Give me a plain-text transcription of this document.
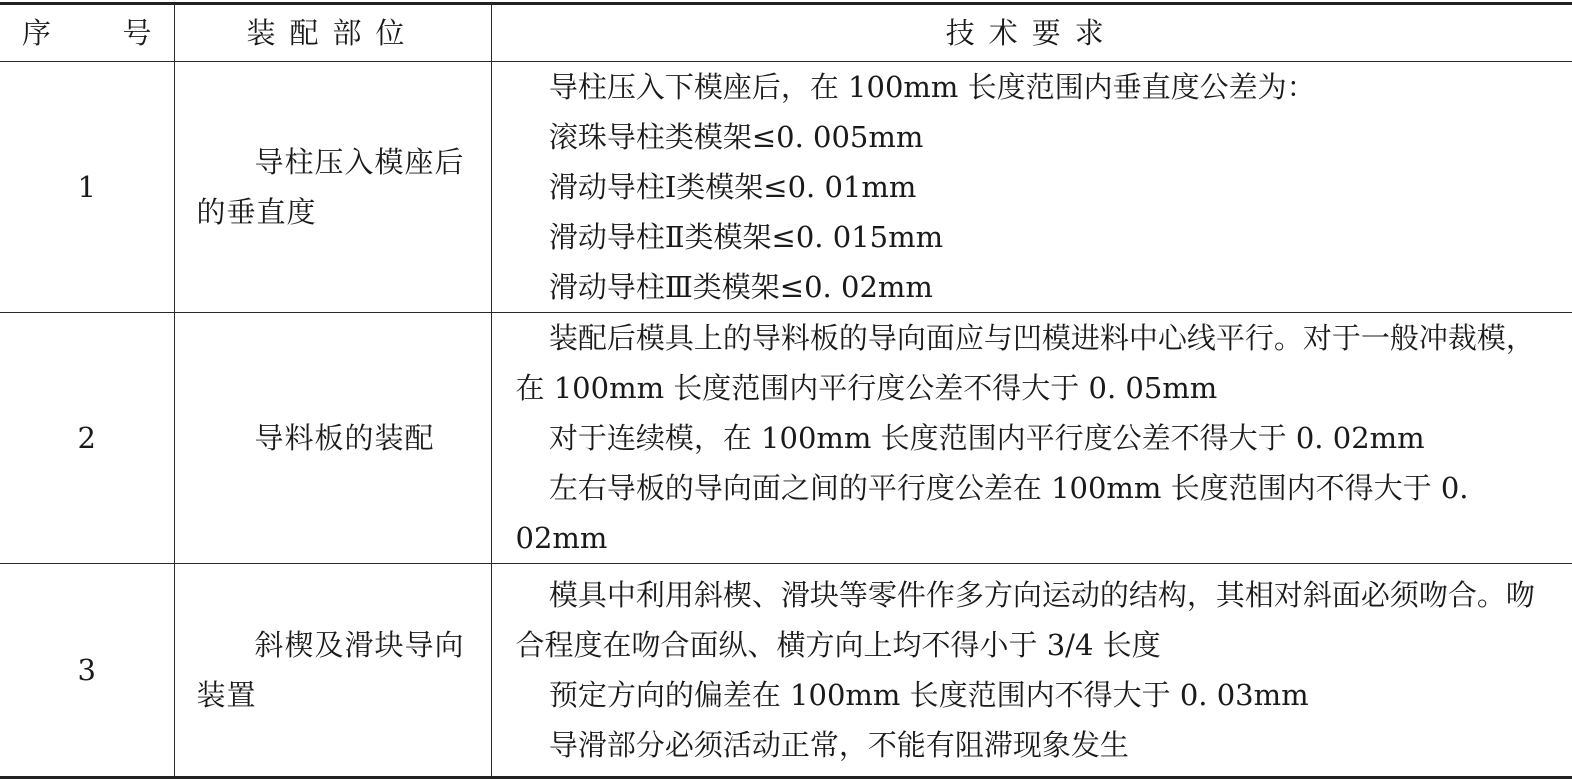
序 号	装配部位	技术要求
1	导柱压入模座后的垂直度	导柱压入下模座后，在 100mm 长度范围内垂直度公差为：

滚珠导柱类模架≤0. 005mm

滑动导柱Ⅰ类模架≤0. 01mm

滑动导柱Ⅱ类模架≤0. 015mm

滑动导柱Ⅲ类模架≤0. 02mm

2	导料板的装配	装配后模具上的导料板的导向面应与凹模进料中心线平行。对于一般冲裁模，在 100mm 长度范围内平行度公差不得大于 0. 05mm

对于连续模，在 100mm 长度范围内平行度公差不得大于 0. 02mm

左右导板的导向面之间的平行度公差在 100mm 长度范围内不得大于 0. 02mm

3	斜楔及滑块导向装置	模具中利用斜楔、滑块等零件作多方向运动的结构，其相对斜面必须吻合。吻合程度在吻合面纵、横方向上均不得小于 3/4 长度

预定方向的偏差在 100mm 长度范围内不得大于 0. 03mm

导滑部分必须活动正常，不能有阻滞现象发生
